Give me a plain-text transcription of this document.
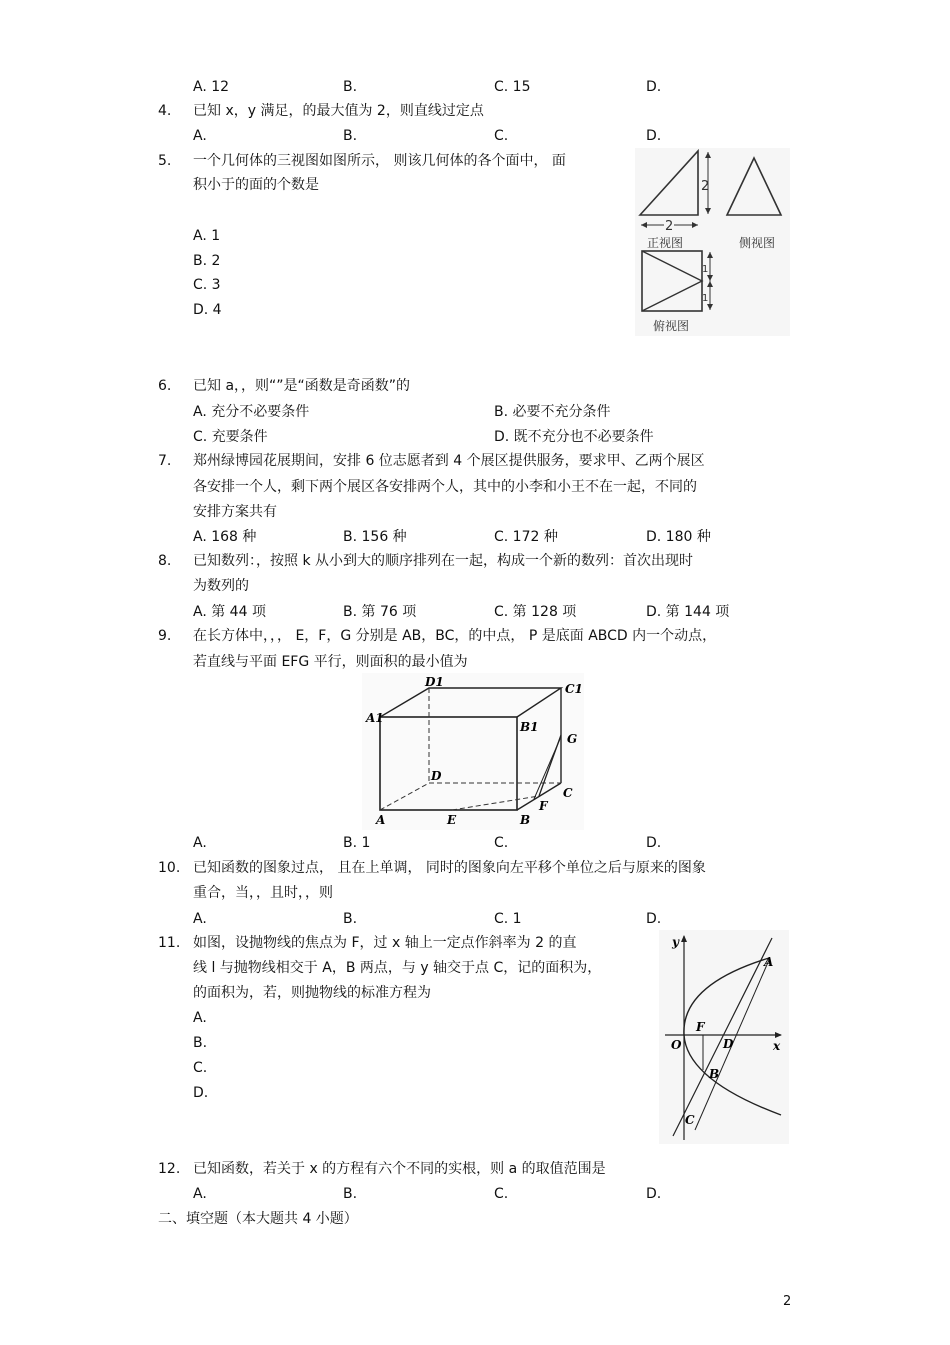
A. 12	B.	C. 15	D.
4. 已知 x，y 满足，的最大值为 2，则直线过定点
A.	B.	C.	D.
5. 一个几何体的三视图如图所示， 则该几何体的各个面中， 面
积小于的面的个数是
A. 1
B. 2
C. 3
D. 4
2
2
正视图	侧视图
1
1
俯视图
6. 已知 a，，则“”是“函数是奇函数”的
A. 充分不必要条件	B. 必要不充分条件
C. 充要条件	D. 既不充分也不必要条件
7. 郑州绿博园花展期间，安排 6 位志愿者到 4 个展区提供服务，要求甲、乙两个展区
各安排一个人，剩下两个展区各安排两个人，其中的小李和小王不在一起，不同的
安排方案共有
A. 168 种	B. 156 种	C. 172 种	D. 180 种
8. 已知数列：，按照 k 从小到大的顺序排列在一起，构成一个新的数列：首次出现时
为数列的
A. 第 44 项	B. 第 76 项	C. 第 128 项	D. 第 144 项
9. 在长方体中，，， E，F，G 分别是 AB，BC，的中点， P 是底面 ABCD 内一个动点，
若直线与平面 EFG 平行，则面积的最小值为
D1	C1
A1
B1
G
D
C
F
A	E	B
A.	B. 1	C.	D.
10. 已知函数的图象过点， 且在上单调， 同时的图象向左平移个单位之后与原来的图象
重合，当，，且时，，则
A.	B.	C. 1	D.
11. 如图，设抛物线的焦点为 F，过 x 轴上一定点作斜率为 2 的直
线 l 与抛物线相交于 A，B 两点，与 y 轴交于点 C，记的面积为，
的面积为，若，则抛物线的标准方程为
A.
B.
C.
D.
y
x
O
F
D
A
B
C
12. 已知函数，若关于 x 的方程有六个不同的实根，则 a 的取值范围是
A.	B.	C.	D.
二、填空题（本大题共 4 小题）
2
